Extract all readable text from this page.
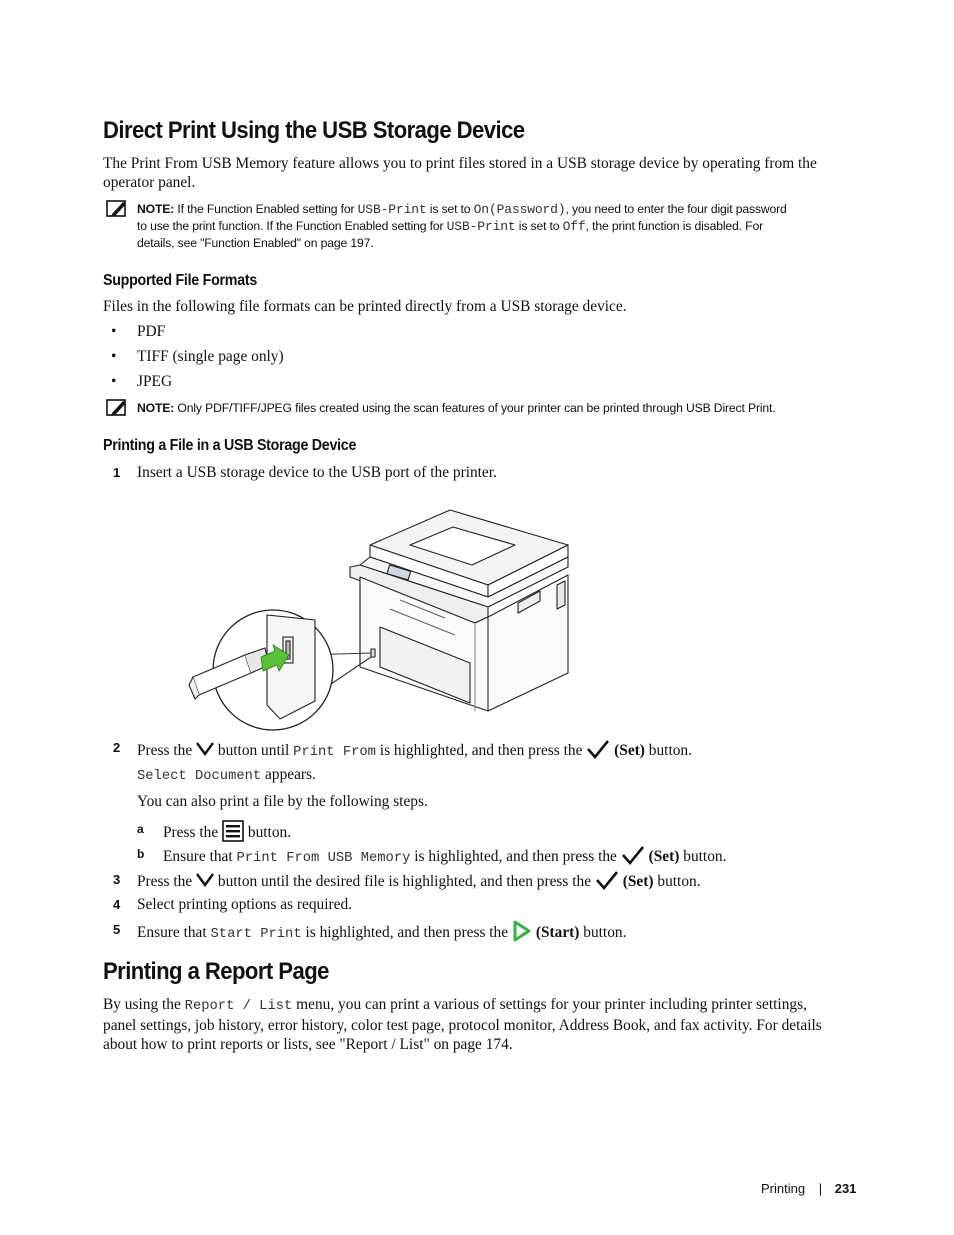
Direct Print Using the USB Storage Device
The Print From USB Memory feature allows you to print files stored in a USB storage device by operating from the operator panel.
NOTE: If the Function Enabled setting for USB-Print is set to On(Password), you need to enter the four digit password
to use the print function. If the Function Enabled setting for USB-Print is set to Off, the print function is disabled. For
details, see "Function Enabled" on page 197.
Supported File Formats
Files in the following file formats can be printed directly from a USB storage device.
• PDF
• TIFF (single page only)
• JPEG
NOTE: Only PDF/TIFF/JPEG files created using the scan features of your printer can be printed through USB Direct Print.
Printing a File in a USB Storage Device
1 Insert a USB storage device to the USB port of the printer.
2 Press the button until Print From is highlighted, and then press the (Set) button.
Select Document appears.
You can also print a file by the following steps.
a Press the button.
b Ensure that Print From USB Memory is highlighted, and then press the (Set) button.
3 Press the button until the desired file is highlighted, and then press the (Set) button.
4 Select printing options as required.
5 Ensure that Start Print is highlighted, and then press the (Start) button.
Printing a Report Page
By using the Report / List menu, you can print a various of settings for your printer including printer settings,
panel settings, job history, error history, color test page, protocol monitor, Address Book, and fax activity. For details
about how to print reports or lists, see "Report / List" on page 174.
Printing | 231
